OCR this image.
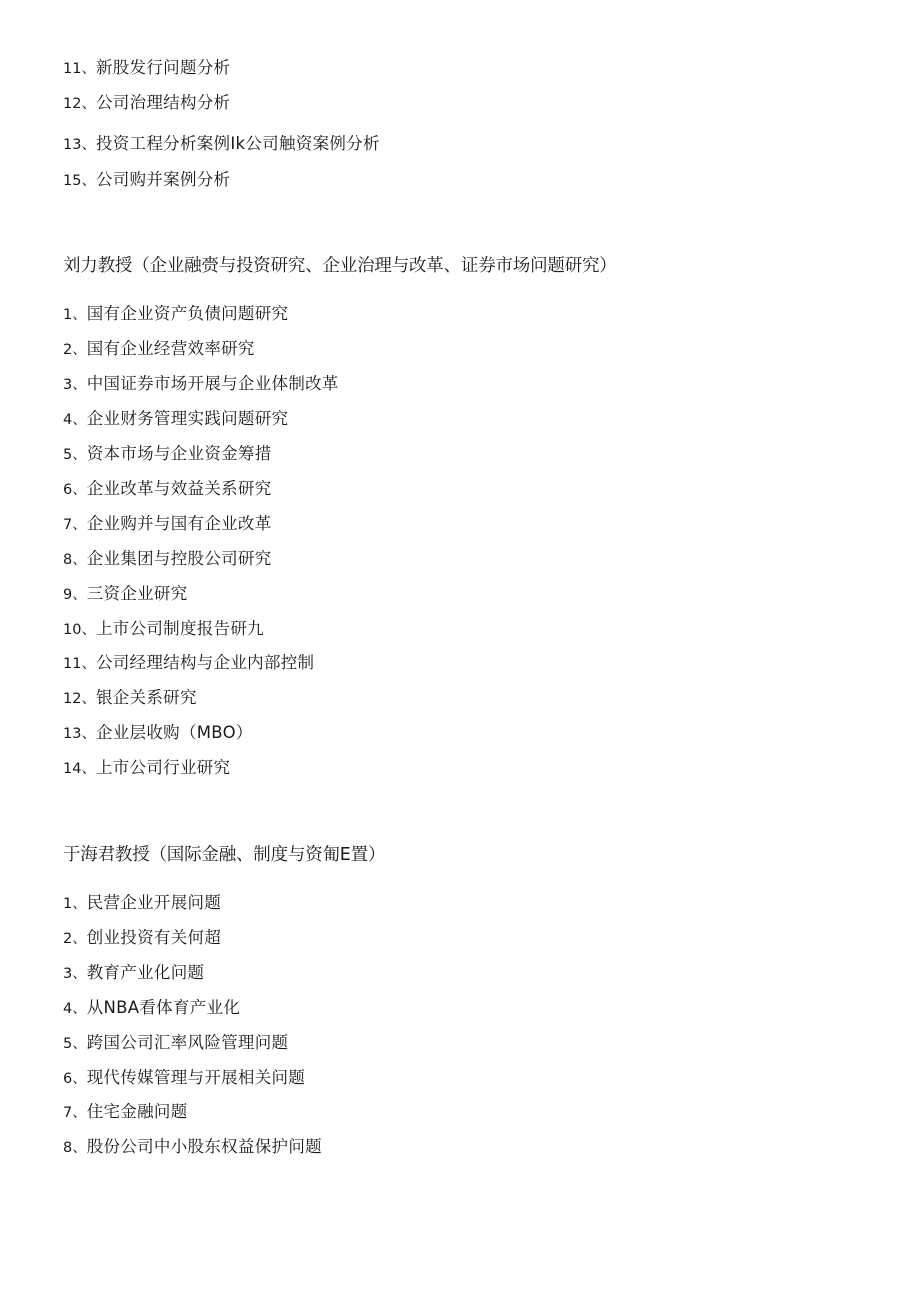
11、新股发行问题分析
12、公司治理结构分析
13、投资工程分析案例Ik公司触资案例分析
15、公司购并案例分析
刘力教授（企业融赍与投资研究、企业治理与改革、证券市场问题研究）
1、国有企业资产负债问题研究
2、国有企业经营效率研究
3、中国证券市场开展与企业体制改革
4、企业财务管理实践问题研究
5、资本市场与企业资金筹措
6、企业改革与效益关系研究
7、企业购并与国有企业改革
8、企业集团与控股公司研究
9、三资企业研究
10、上市公司制度报告研九
11、公司经理结构与企业内部控制
12、银企关系研究
13、企业层收购（MBO）
14、上市公司行业研究
于海君教授（国际金融、制度与资匍E置）
1、民营企业开展问题
2、创业投资有关何超
3、教育产业化问题
4、从NBA看体育产业化
5、跨国公司汇率风险管理问题
6、现代传媒管理与开展相关问题
7、住宅金融问题
8、股份公司中小股东权益保护问题
